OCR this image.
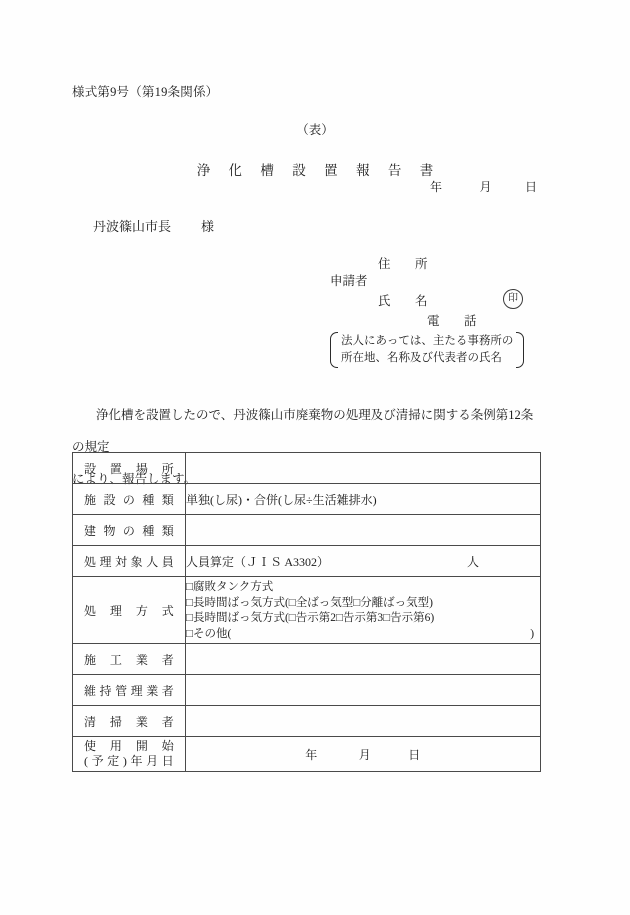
様式第9号（第19条関係）
（表）
浄 化 槽 設 置 報 告 書
年	月	日
丹波篠山市長 様
申請者
住　所
氏　名	印
電　話
法人にあっては、主たる事務所の
所在地、名称及び代表者の氏名
浄化槽を設置したので、丹波篠山市廃棄物の処理及び清掃に関する条例第12条の規定
により、報告します。
設置場所	

施設の種類	単独(し尿)・合併(し尿÷生活雑排水)

建物の種類	

処理対象人員	人員算定（ＪＩＳ A3302） 人

処理方式	□腐敗タンク方式
□長時間ばっ気方式(□全ばっ気型□分離ばっ気型)
□長時間ばっ気方式(□告示第2□告示第3□告示第6)
□その他(　　　　　　　　　　　　　　　　　　　　　　　　　　)

施工業者	

維持管理業者	

清掃業者	

使用開始
(予定)年月日	年 月 日
